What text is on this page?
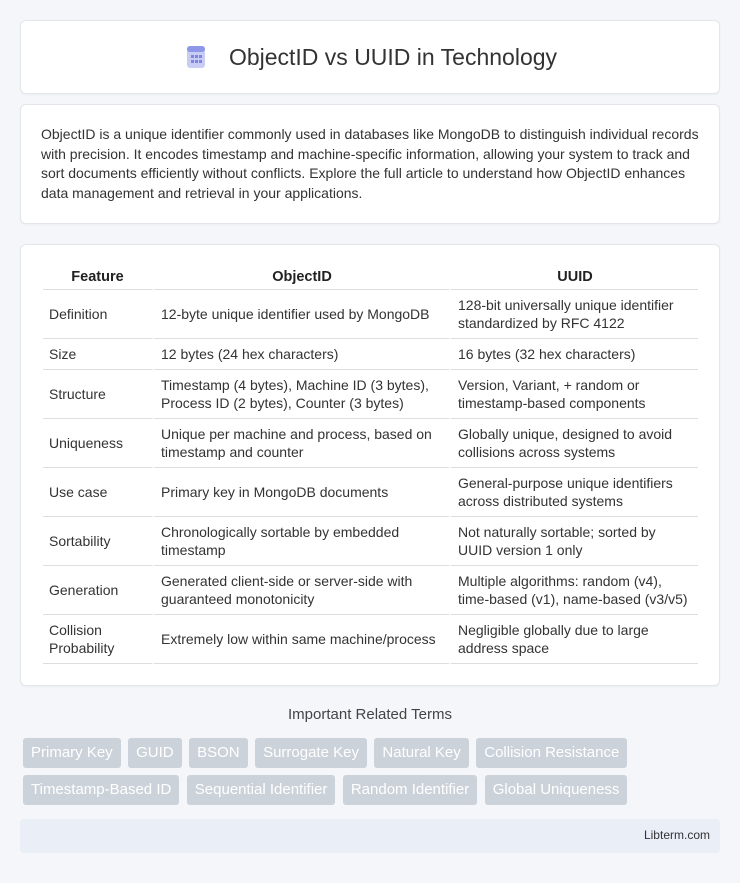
ObjectID vs UUID in Technology

ObjectID is a unique identifier commonly used in databases like MongoDB to distinguish individual records with precision. It encodes timestamp and machine-specific information, allowing your system to track and sort documents efficiently without conflicts. Explore the full article to understand how ObjectID enhances data management and retrieval in your applications.

Feature	ObjectID	UUID
Definition	12-byte unique identifier used by MongoDB	128-bit universally unique identifier standardized by RFC 4122
Size	12 bytes (24 hex characters)	16 bytes (32 hex characters)
Structure	Timestamp (4 bytes), Machine ID (3 bytes), Process ID (2 bytes), Counter (3 bytes)	Version, Variant, + random or timestamp-based components
Uniqueness	Unique per machine and process, based on timestamp and counter	Globally unique, designed to avoid collisions across systems
Use case	Primary key in MongoDB documents	General-purpose unique identifiers across distributed systems
Sortability	Chronologically sortable by embedded timestamp	Not naturally sortable; sorted by UUID version 1 only
Generation	Generated client-side or server-side with guaranteed monotonicity	Multiple algorithms: random (v4), time-based (v1), name-based (v3/v5)
Collision Probability	Extremely low within same machine/process	Negligible globally due to large address space
Important Related Terms
Primary Key GUID BSON Surrogate Key Natural Key Collision Resistance Timestamp-Based ID Sequential Identifier Random Identifier Global Uniqueness
Libterm.com
